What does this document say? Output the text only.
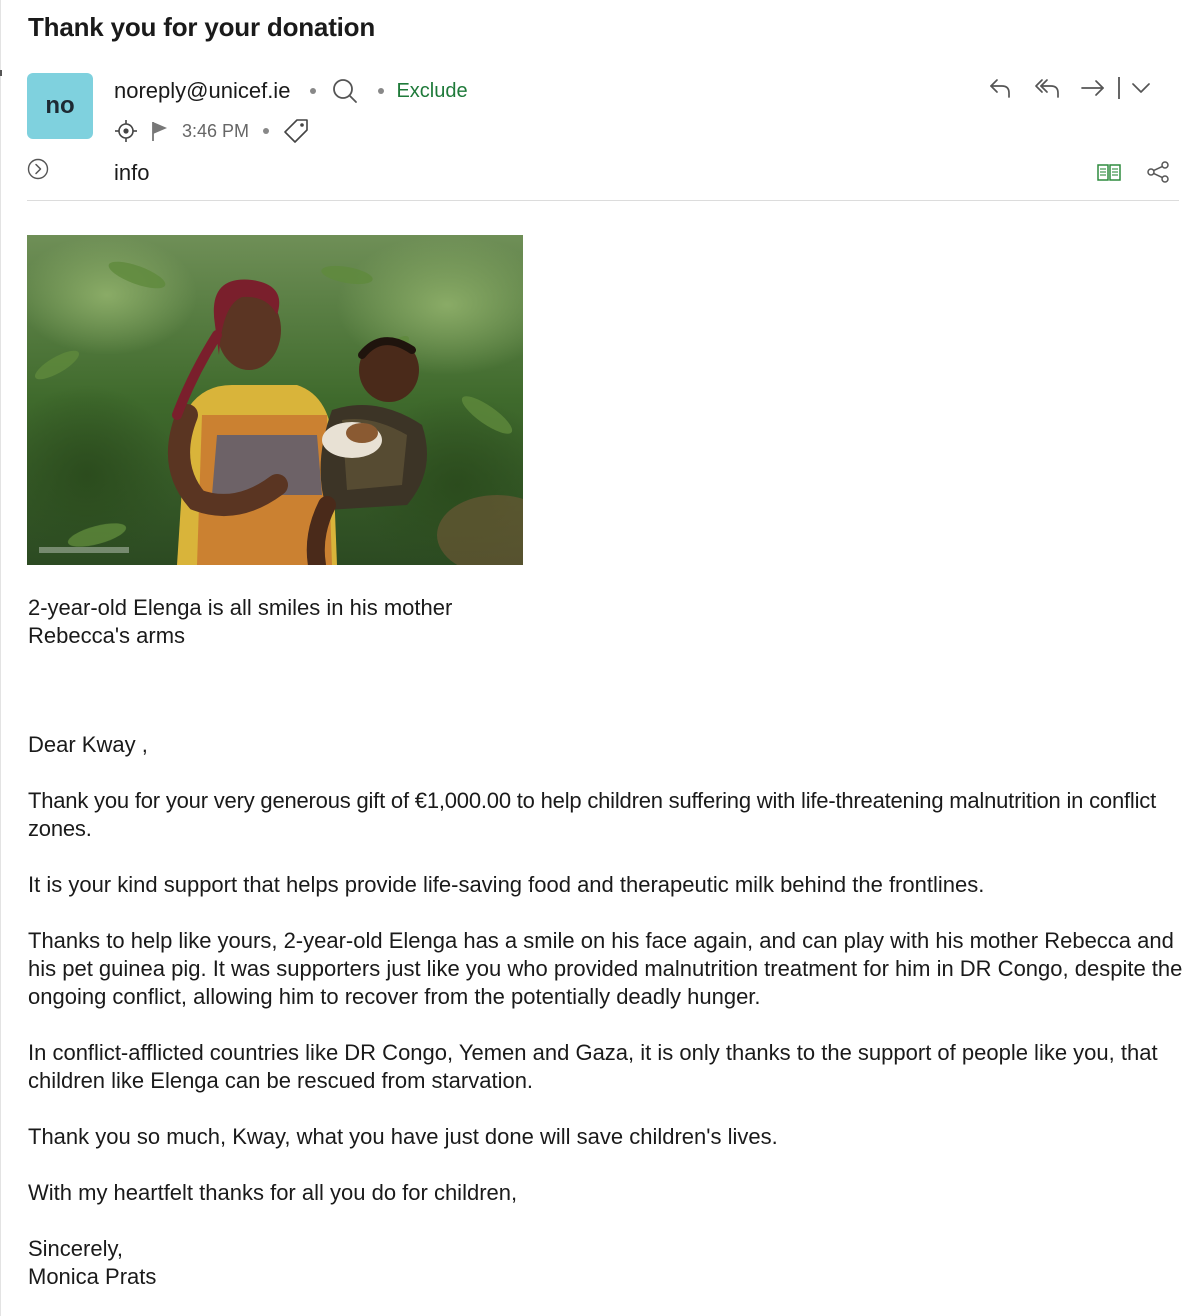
Thank you for your donation
no
noreply@unicef.ie	Exclude
3:46 PM
info
2-year-old Elenga is all smiles in his mother Rebecca's arms

Dear Kway ,

Thank you for your very generous gift of €1,000.00 to help children suffering with life-threatening malnutrition in conflict zones.

It is your kind support that helps provide life-saving food and therapeutic milk behind the frontlines.

Thanks to help like yours, 2-year-old Elenga has a smile on his face again, and can play with his mother Rebecca and his pet guinea pig. It was supporters just like you who provided malnutrition treatment for him in DR Congo, despite the ongoing conflict, allowing him to recover from the potentially deadly hunger.

In conflict-afflicted countries like DR Congo, Yemen and Gaza, it is only thanks to the support of people like you, that children like Elenga can be rescued from starvation.

Thank you so much, Kway, what you have just done will save children's lives.

With my heartfelt thanks for all you do for children,

Sincerely,

Monica Prats
